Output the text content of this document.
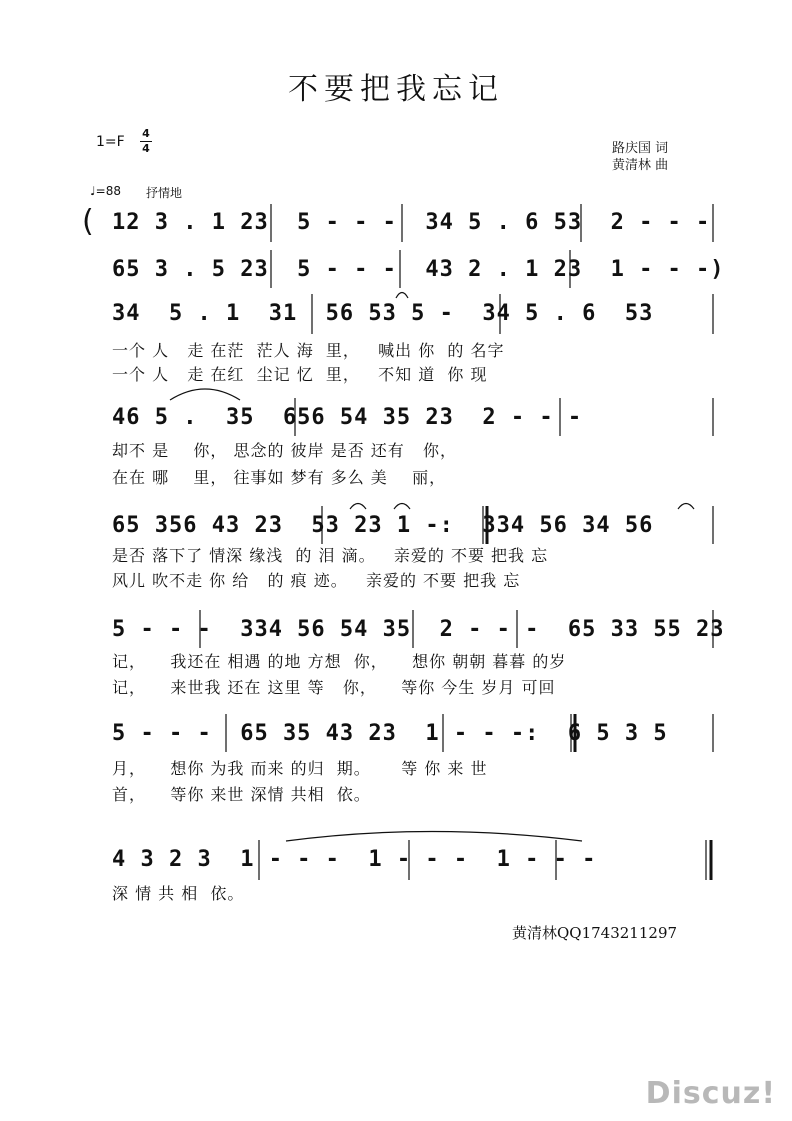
不要把我忘记
1=F
4
4	路庆国 词
黄清林 曲
♩=88 抒情地
( 12 3 . 1 23  5 - - -  34 5 . 6 53  2 - - -
65 3 . 5 23  5 - - -  43 2 . 1 23  1 - - -)
34  5 . 1  31  56 53 5 -  34 5 . 6  53
一个 人   走 在茫  茫人 海  里，   喊出 你  的 名字
一个 人   走 在红  尘记 忆  里，   不知 道  你 现
46 5 .  35  656 54 35 23  2 - - -
却不 是    你， 思念的 彼岸 是否 还有   你，
在在 哪    里， 往事如 梦有 多么 美    丽，
65 356 43 23  53 23 1 -:  334 56 34 56
是否 落下了 情深 缘浅  的 泪 滴。   亲爱的 不要 把我 忘
风儿 吹不走 你 给   的 痕 迹。   亲爱的 不要 把我 忘
5 - - -  334 56 54 35  2 - - -  65 33 55 23
记，    我还在 相遇 的地 方想  你，    想你 朝朝 暮暮 的岁
记，    来世我 还在 这里 等   你，    等你 今生 岁月 可回
5 - - -  65 35 43 23  1 - - -:  6 5 3 5
月，    想你 为我 而来 的归  期。     等 你 来 世
首，    等你 来世 深情 共相  依。
4 3 2 3  1 - - -  1 - - -  1 - - -
深 情 共 相  依。
黄清林QQ1743211297
Discuz!
